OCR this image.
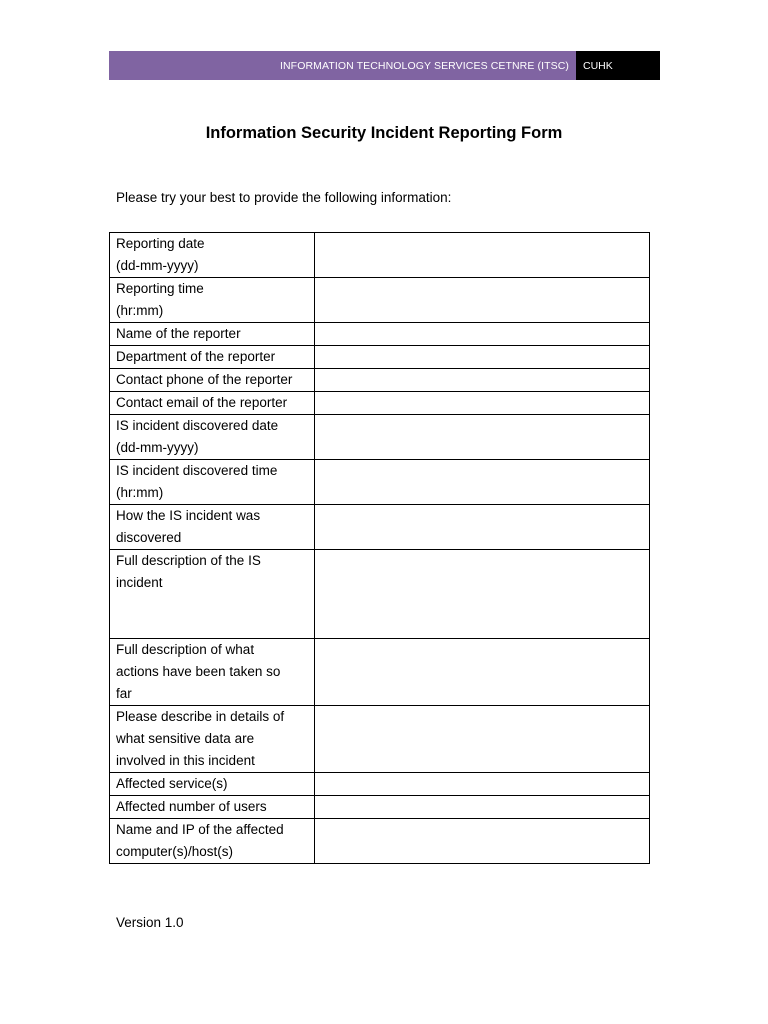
INFORMATION TECHNOLOGY SERVICES CETNRE (ITSC)	CUHK
Information Security Incident Reporting Form
Please try your best to provide the following information:
Reporting date
(dd-mm-yyyy)	

Reporting time
(hr:mm)	

Name of the reporter	

Department of the reporter	

Contact phone of the reporter	

Contact email of the reporter	

IS incident discovered date
(dd-mm-yyyy)	

IS incident discovered time
(hr:mm)	

How the IS incident was
discovered	

Full description of the IS
incident	

Full description of what
actions have been taken so
far	

Please describe in details of
what sensitive data are
involved in this incident	

Affected service(s)	

Affected number of users	

Name and IP of the affected
computer(s)/host(s)	

Version 1.0
